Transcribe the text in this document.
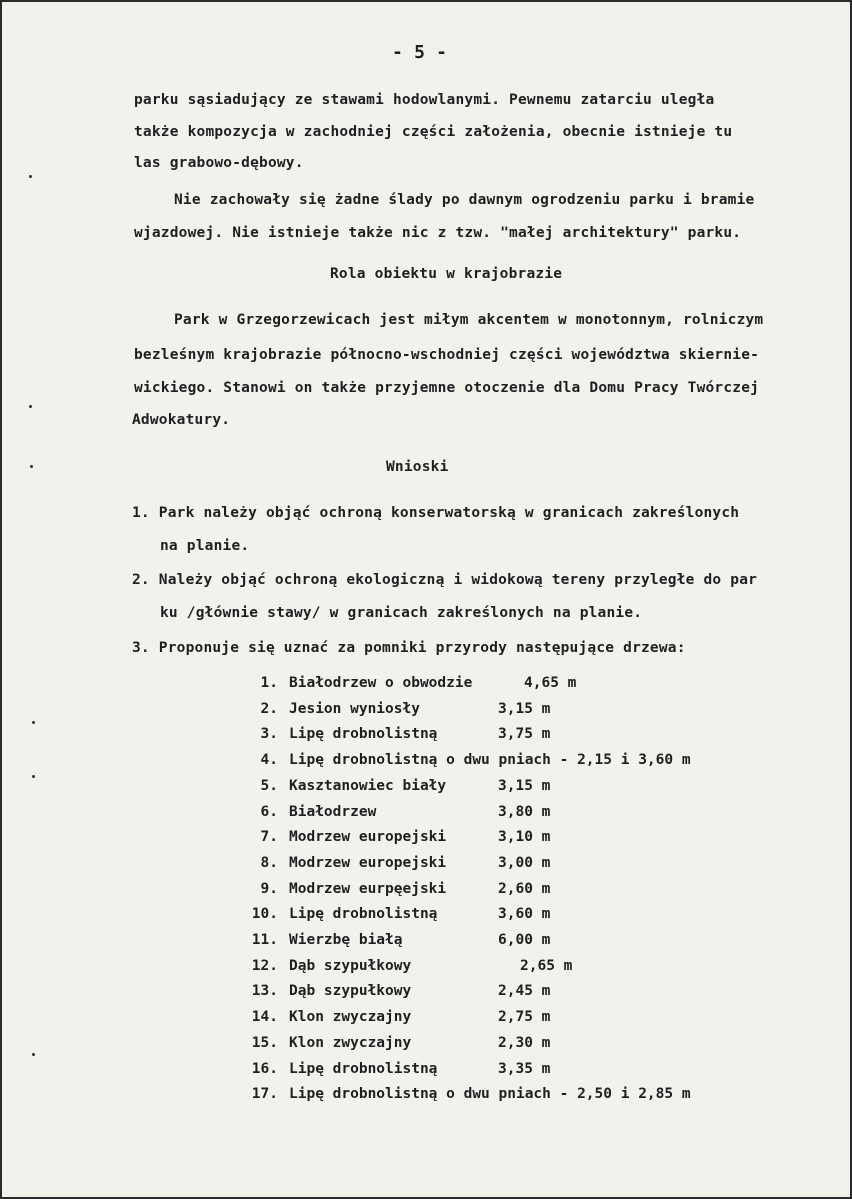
- 5 -
parku sąsiadujący ze stawami hodowlanymi. Pewnemu zatarciu uległa
także kompozycja w zachodniej części założenia, obecnie istnieje tu
las grabowo-dębowy.
Nie zachowały się żadne ślady po dawnym ogrodzeniu parku i bramie
wjazdowej. Nie istnieje także nic z tzw. "małej architektury" parku.
Rola obiektu w krajobrazie
Park w Grzegorzewicach jest miłym akcentem w monotonnym, rolniczym
bezleśnym krajobrazie północno-wschodniej części województwa skiernie-
wickiego. Stanowi on także przyjemne otoczenie dla Domu Pracy Twórczej
Adwokatury.
Wnioski
1. Park należy objąć ochroną konserwatorską w granicach zakreślonych
na planie.
2. Należy objąć ochroną ekologiczną i widokową tereny przyległe do par
ku /głównie stawy/ w granicach zakreślonych na planie.
3. Proponuje się uznać za pomniki przyrody następujące drzewa:
1. Białodrzew o obwodzie	4,65 m
2. Jesion wyniosły	3,15 m
3. Lipę drobnolistną	3,75 m
4. Lipę drobnolistną o dwu pniach - 2,15 i 3,60 m
5. Kasztanowiec biały	3,15 m
6. Białodrzew	3,80 m
7. Modrzew europejski	3,10 m
8. Modrzew europejski	3,00 m
9. Modrzew eurpęejski	2,60 m
10. Lipę drobnolistną	3,60 m
11. Wierzbę białą	6,00 m
12. Dąb szypułkowy	2,65 m
13. Dąb szypułkowy	2,45 m
14. Klon zwyczajny	2,75 m
15. Klon zwyczajny	2,30 m
16. Lipę drobnolistną	3,35 m
17. Lipę drobnolistną o dwu pniach - 2,50 i 2,85 m
